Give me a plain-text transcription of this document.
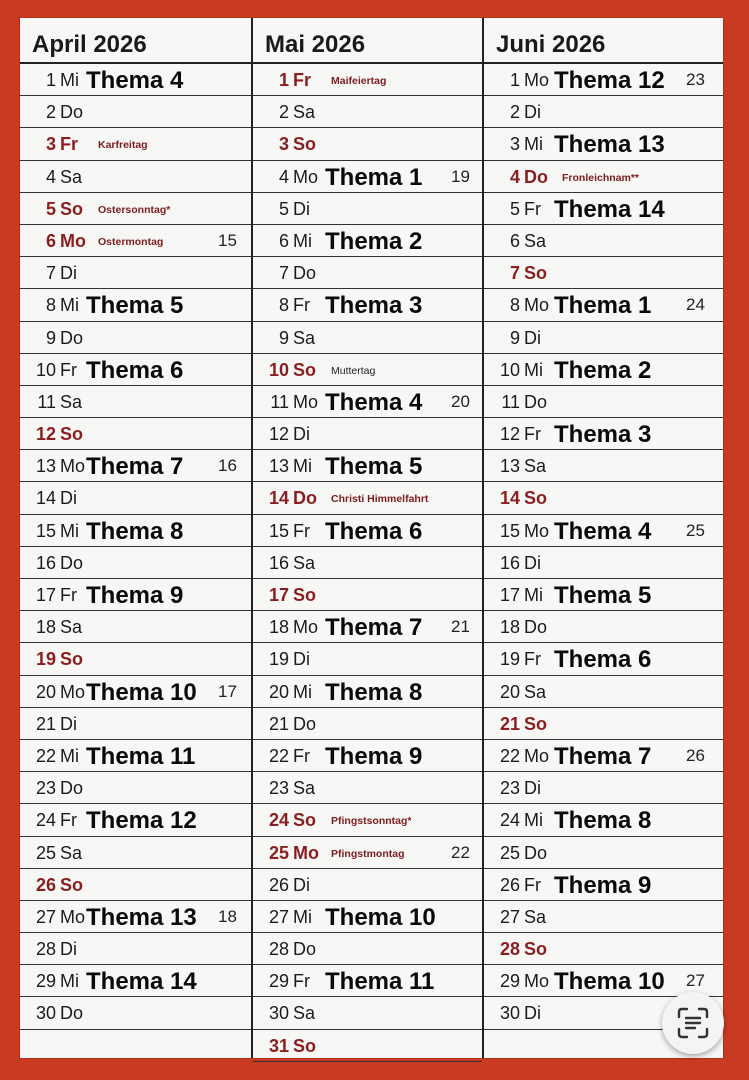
April 2026
1 Mi Thema 4
2 Do
3 Fr Karfreitag
4 Sa
5 So Ostersonntag*
6 Mo Ostermontag	15
7 Di
8 Mi Thema 5
9 Do
10 Fr Thema 6
11 Sa
12 So
13 Mo Thema 7 16
14 Di
15 Mi Thema 8
16 Do
17 Fr Thema 9
18 Sa
19 So
20 Mo Thema 10 17
21 Di
22 Mi Thema 11
23 Do
24 Fr Thema 12
25 Sa
26 So
27 Mo Thema 13 18
28 Di
29 Mi Thema 14
30 Do
Mai 2026
1 Fr Maifeiertag
2 Sa
3 So
4 Mo Thema 1 19
5 Di
6 Mi Thema 2
7 Do
8 Fr Thema 3
9 Sa
10 So Muttertag
11 Mo Thema 4 20
12 Di
13 Mi Thema 5
14 Do Christi Himmelfahrt
15 Fr Thema 6
16 Sa
17 So
18 Mo Thema 7 21
19 Di
20 Mi Thema 8
21 Do
22 Fr Thema 9
23 Sa
24 So Pfingstsonntag*
25 Mo Pfingstmontag	22
26 Di
27 Mi Thema 10
28 Do
29 Fr Thema 11
30 Sa
31 So
Juni 2026
1 Mo Thema 12 23
2 Di
3 Mi Thema 13
4 Do Fronleichnam**
5 Fr Thema 14
6 Sa
7 So
8 Mo Thema 1 24
9 Di
10 Mi Thema 2
11 Do
12 Fr Thema 3
13 Sa
14 So
15 Mo Thema 4 25
16 Di
17 Mi Thema 5
18 Do
19 Fr Thema 6
20 Sa
21 So
22 Mo Thema 7 26
23 Di
24 Mi Thema 8
25 Do
26 Fr Thema 9
27 Sa
28 So
29 Mo Thema 10 27
30 Di
